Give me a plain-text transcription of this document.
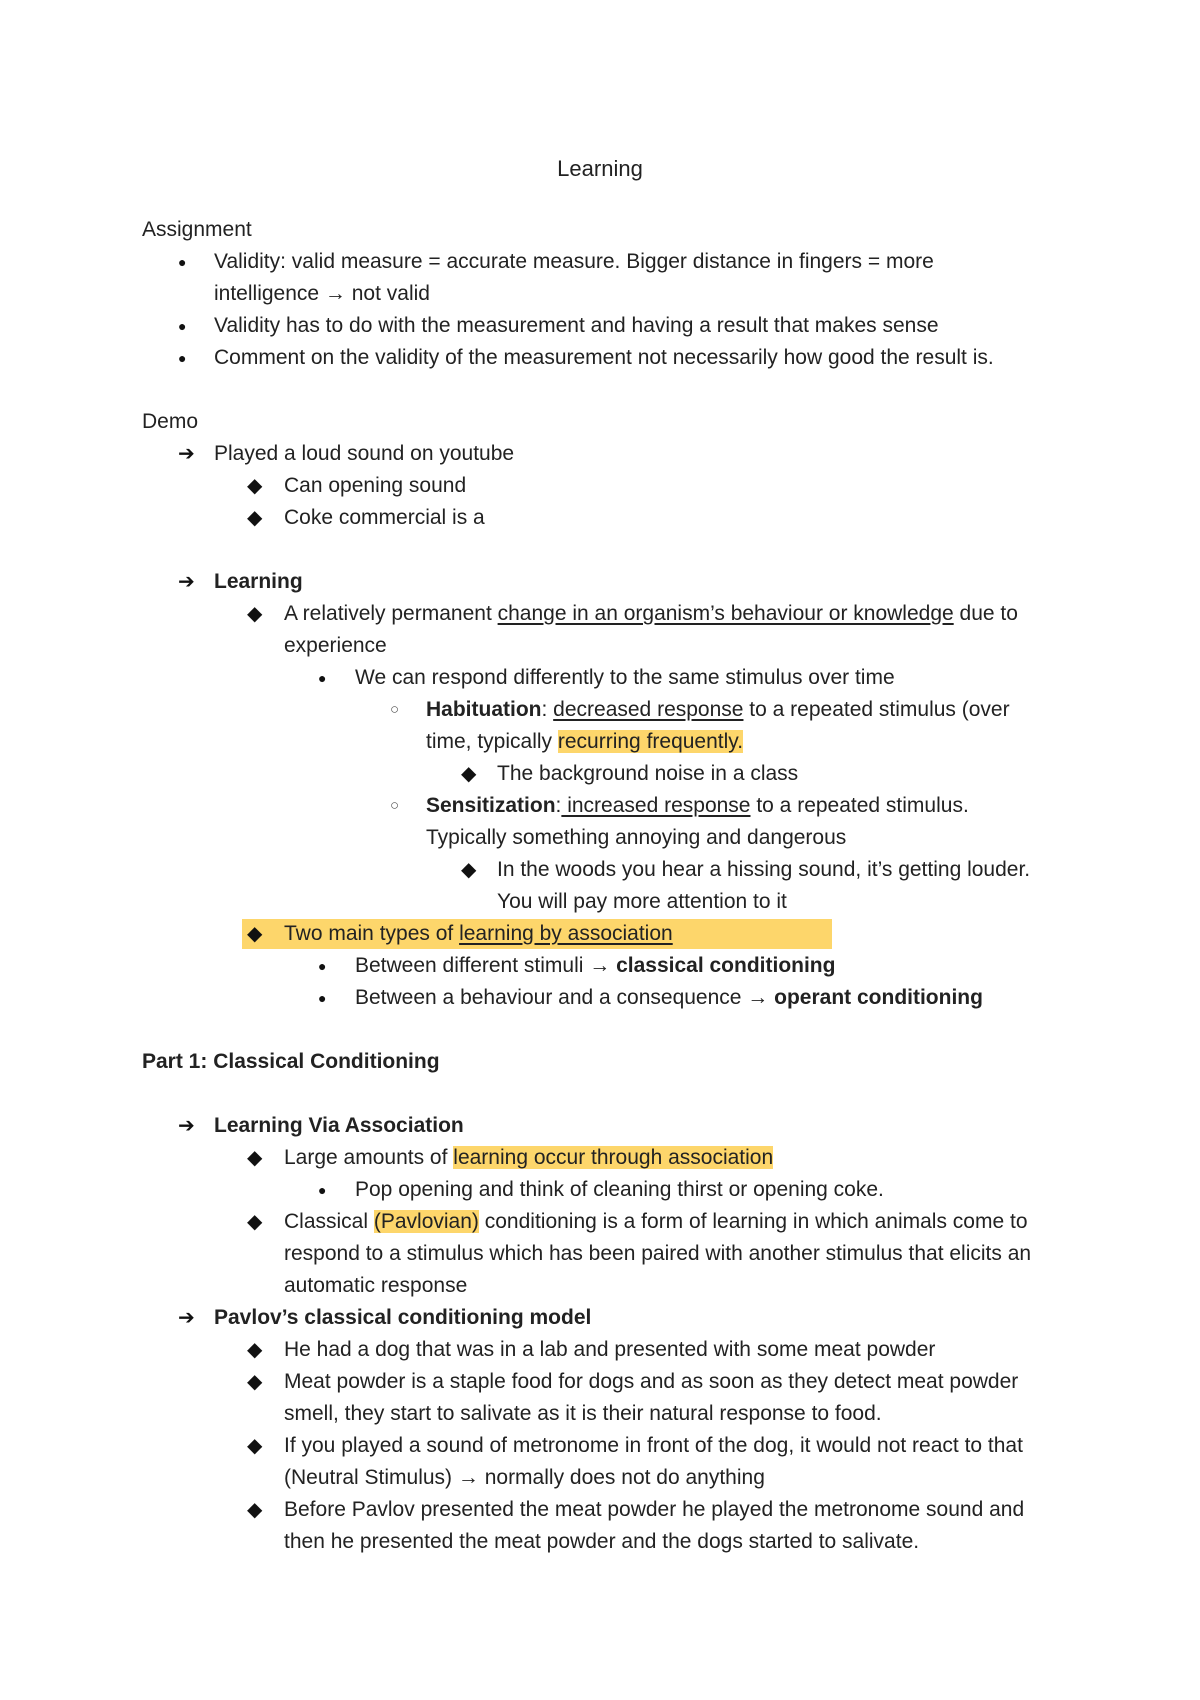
Learning
Assignment
● Validity: valid measure = accurate measure. Bigger distance in fingers = more
intelligence → not valid
● Validity has to do with the measurement and having a result that makes sense
● Comment on the validity of the measurement not necessarily how good the result is.
Demo
➔ Played a loud sound on youtube
◆ Can opening sound
◆ Coke commercial is a
➔ Learning
◆ A relatively permanent change in an organism’s behaviour or knowledge due to
experience
● We can respond differently to the same stimulus over time
○ Habituation: decreased response to a repeated stimulus (over
time, typically recurring frequently.
◆ The background noise in a class
○ Sensitization: increased response to a repeated stimulus.
Typically something annoying and dangerous
◆ In the woods you hear a hissing sound, it’s getting louder.
You will pay more attention to it
◆ Two main types of learning by association
● Between different stimuli → classical conditioning
● Between a behaviour and a consequence → operant conditioning
Part 1: Classical Conditioning
➔ Learning Via Association
◆ Large amounts of learning occur through association
● Pop opening and think of cleaning thirst or opening coke.
◆ Classical (Pavlovian) conditioning is a form of learning in which animals come to
respond to a stimulus which has been paired with another stimulus that elicits an
automatic response
➔ Pavlov’s classical conditioning model
◆ He had a dog that was in a lab and presented with some meat powder
◆ Meat powder is a staple food for dogs and as soon as they detect meat powder
smell, they start to salivate as it is their natural response to food.
◆ If you played a sound of metronome in front of the dog, it would not react to that
(Neutral Stimulus) → normally does not do anything
◆ Before Pavlov presented the meat powder he played the metronome sound and
then he presented the meat powder and the dogs started to salivate.
